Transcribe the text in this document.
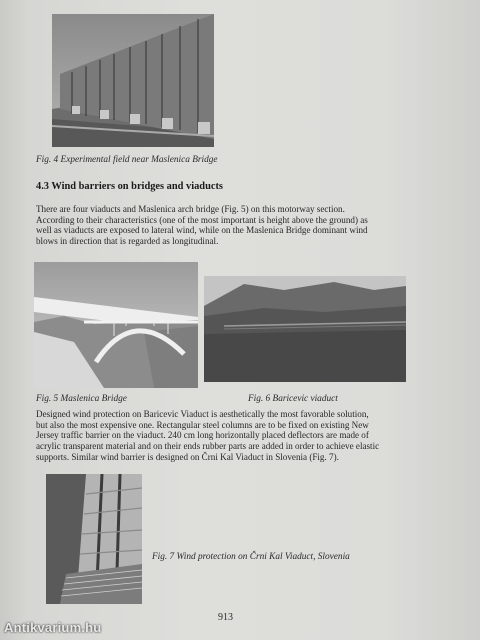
Fig. 4 Experimental field near Maslenica Bridge
4.3 Wind barriers on bridges and viaducts
There are four viaducts and Maslenica arch bridge (Fig. 5) on this motorway section.
According to their characteristics (one of the most important is height above the ground) as
well as viaducts are exposed to lateral wind, while on the Maslenica Bridge dominant wind
blows in direction that is regarded as longitudinal.
Fig. 5 Maslenica Bridge	Fig. 6 Baricevic viaduct
Designed wind protection on Baricevic Viaduct is aesthetically the most favorable solution,
but also the most expensive one. Rectangular steel columns are to be fixed on existing New
Jersey traffic barrier on the viaduct. 240 cm long horizontally placed deflectors are made of
acrylic transparent material and on their ends rubber parts are added in order to achieve elastic
supports. Similar wind barrier is designed on Črni Kal Viaduct in Slovenia (Fig. 7).
Fig. 7 Wind protection on Črni Kal Viaduct, Slovenia
913
Antikvarium.hu
